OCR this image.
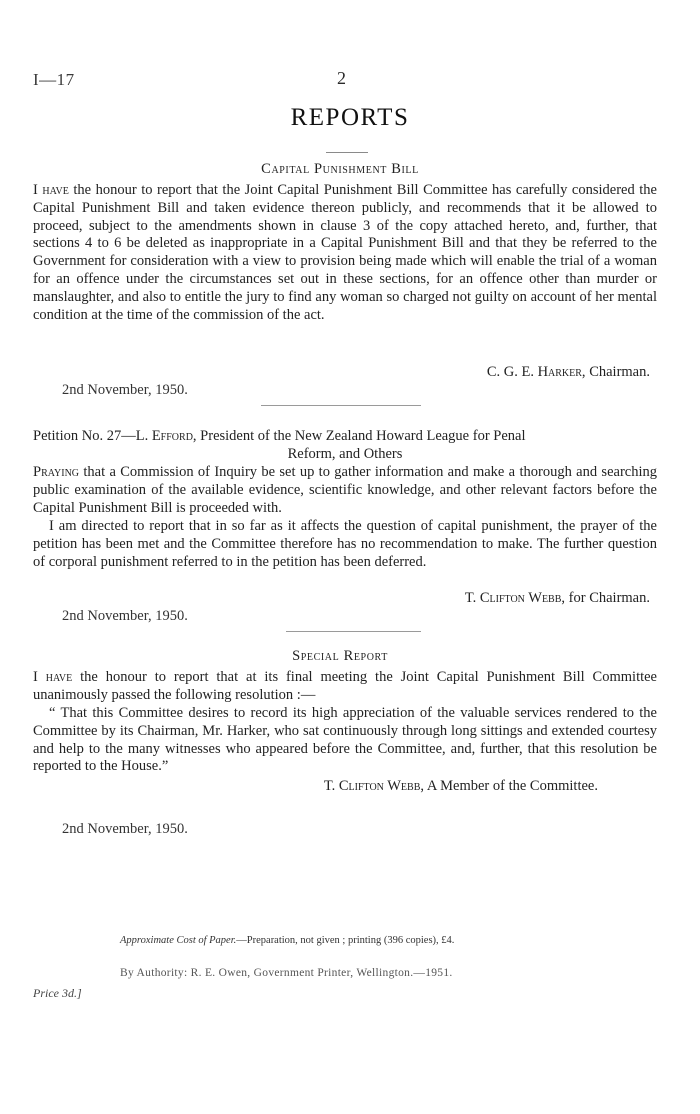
I—17	2
REPORTS
Capital Punishment Bill

I have the honour to report that the Joint Capital Punishment Bill Committee has carefully considered the Capital Punishment Bill and taken evidence thereon publicly, and recommends that it be allowed to proceed, subject to the amendments shown in clause 3 of the copy attached hereto, and, further, that sections 4 to 6 be deleted as inappropriate in a Capital Punishment Bill and that they be referred to the Government for consideration with a view to provision being made which will enable the trial of a woman for an offence under the circumstances set out in these sections, for an offence other than murder or manslaughter, and also to entitle the jury to find any woman so charged not guilty on account of her mental condition at the time of the commission of the act.

C. G. E. Harker, Chairman.
2nd November, 1950.
Petition No. 27—L. Efford, President of the New Zealand Howard League for Penal
Reform, and Others

Praying that a Commission of Inquiry be set up to gather information and make a thorough and searching public examination of the available evidence, scientific knowledge, and other relevant factors before the Capital Punishment Bill is proceeded with.

I am directed to report that in so far as it affects the question of capital punishment, the prayer of the petition has been met and the Committee therefore has no recommendation to make. The further question of corporal punishment referred to in the petition has been deferred.

T. Clifton Webb, for Chairman.
2nd November, 1950.
Special Report

I have the honour to report that at its final meeting the Joint Capital Punishment Bill Committee unanimously passed the following resolution :—

“ That this Committee desires to record its high appreciation of the valuable services rendered to the Committee by its Chairman, Mr. Harker, who sat continuously through long sittings and extended courtesy and help to the many witnesses who appeared before the Committee, and, further, that this resolution be reported to the House.”

T. Clifton Webb, A Member of the Committee.
2nd November, 1950.
Approximate Cost of Paper.—Preparation, not given ; printing (396 copies), £4.
By Authority: R. E. Owen, Government Printer, Wellington.—1951.
Price 3d.]
